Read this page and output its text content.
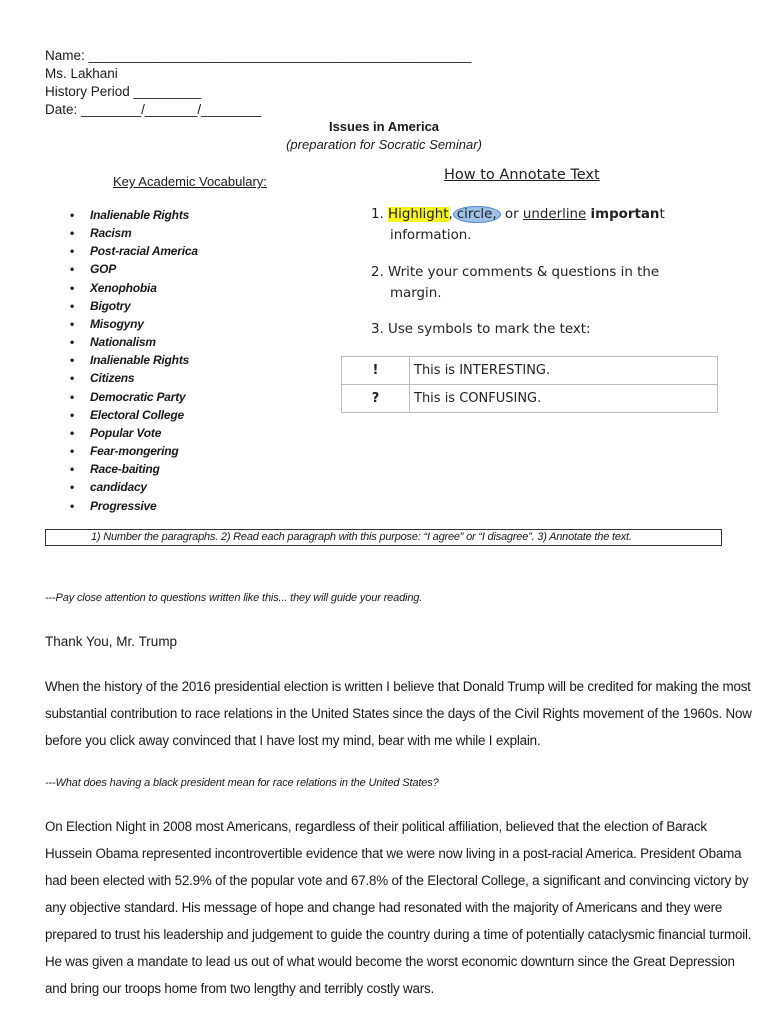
Name: ___________________________________________________
Ms. Lakhani
History Period _________
Date: ________/_______/________
Issues in America
(preparation for Socratic Seminar)
Key Academic Vocabulary:
• Inalienable Rights
• Racism
• Post-racial America
• GOP
• Xenophobia
• Bigotry
• Misogyny
• Nationalism
• Inalienable Rights
• Citizens
• Democratic Party
• Electoral College
• Popular Vote
• Fear-mongering
• Race-baiting
• candidacy
• Progressive
How to Annotate Text
1. Highlight, circle, or underline important
information.
2. Write your comments & questions in the
margin.
3. Use symbols to mark the text:
!	This is INTERESTING.
?	This is CONFUSING.
1) Number the paragraphs. 2) Read each paragraph with this purpose: “I agree” or “I disagree”. 3) Annotate the text.
---Pay close attention to questions written like this... they will guide your reading.
Thank You, Mr. Trump
When the history of the 2016 presidential election is written I believe that Donald Trump will be credited for making the most
substantial contribution to race relations in the United States since the days of the Civil Rights movement of the 1960s. Now
before you click away convinced that I have lost my mind, bear with me while I explain.
---What does having a black president mean for race relations in the United States?
On Election Night in 2008 most Americans, regardless of their political affiliation, believed that the election of Barack
Hussein Obama represented incontrovertible evidence that we were now living in a post-racial America. President Obama
had been elected with 52.9% of the popular vote and 67.8% of the Electoral College, a significant and convincing victory by
any objective standard. His message of hope and change had resonated with the majority of Americans and they were
prepared to trust his leadership and judgement to guide the country during a time of potentially cataclysmic financial turmoil.
He was given a mandate to lead us out of what would become the worst economic downturn since the Great Depression
and bring our troops home from two lengthy and terribly costly wars.
